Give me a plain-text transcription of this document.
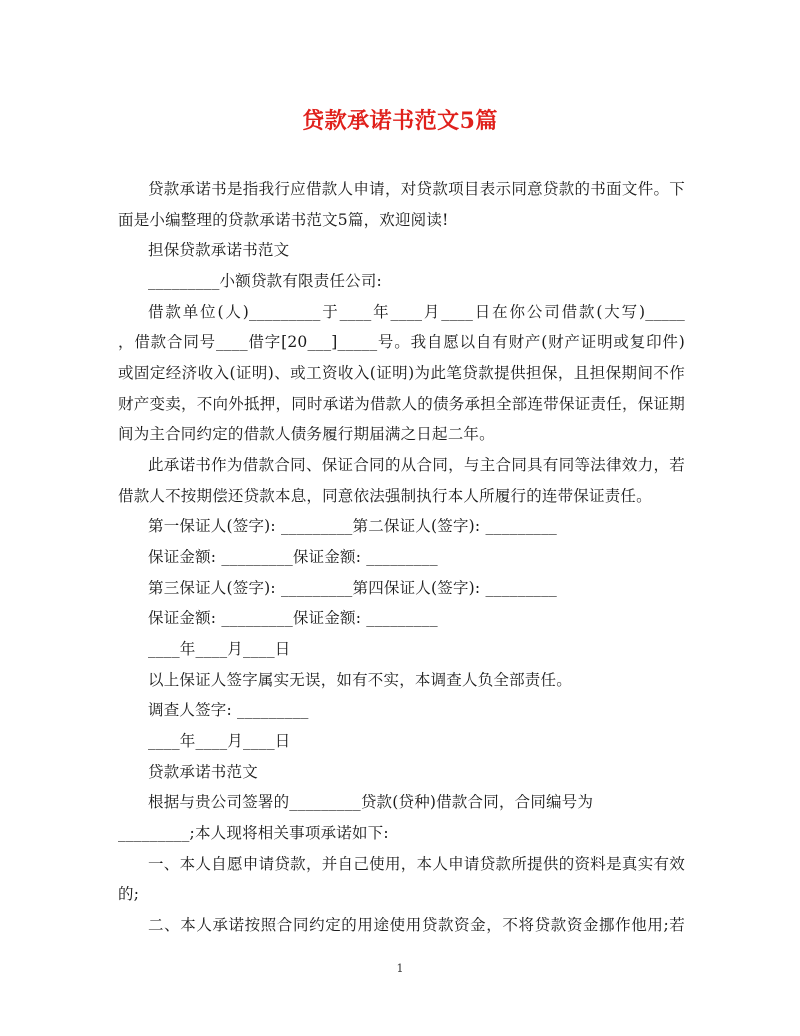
贷款承诺书范文5篇
贷款承诺书是指我行应借款人申请，对贷款项目表示同意贷款的书面文件。下
面是小编整理的贷款承诺书范文5篇，欢迎阅读!
担保贷款承诺书范文
_________小额贷款有限责任公司:
借款单位(人)_________于____年____月____日在你公司借款(大写)_____
，借款合同号____借字[20___]_____号。我自愿以自有财产(财产证明或复印件)
或固定经济收入(证明)、或工资收入(证明)为此笔贷款提供担保，且担保期间不作
财产变卖，不向外抵押，同时承诺为借款人的债务承担全部连带保证责任，保证期
间为主合同约定的借款人债务履行期届满之日起二年。
此承诺书作为借款合同、保证合同的从合同，与主合同具有同等法律效力，若
借款人不按期偿还贷款本息，同意依法强制执行本人所履行的连带保证责任。
第一保证人(签字): _________第二保证人(签字): _________
保证金额: _________保证金额: _________
第三保证人(签字): _________第四保证人(签字): _________
保证金额: _________保证金额: _________
____年____月____日
以上保证人签字属实无误，如有不实，本调查人负全部责任。
调查人签字: _________
____年____月____日
贷款承诺书范文
根据与贵公司签署的_________贷款(贷种)借款合同，合同编号为
_________;本人现将相关事项承诺如下:
一、本人自愿申请贷款，并自己使用，本人申请贷款所提供的资料是真实有效
的;
二、本人承诺按照合同约定的用途使用贷款资金，不将贷款资金挪作他用;若
1
